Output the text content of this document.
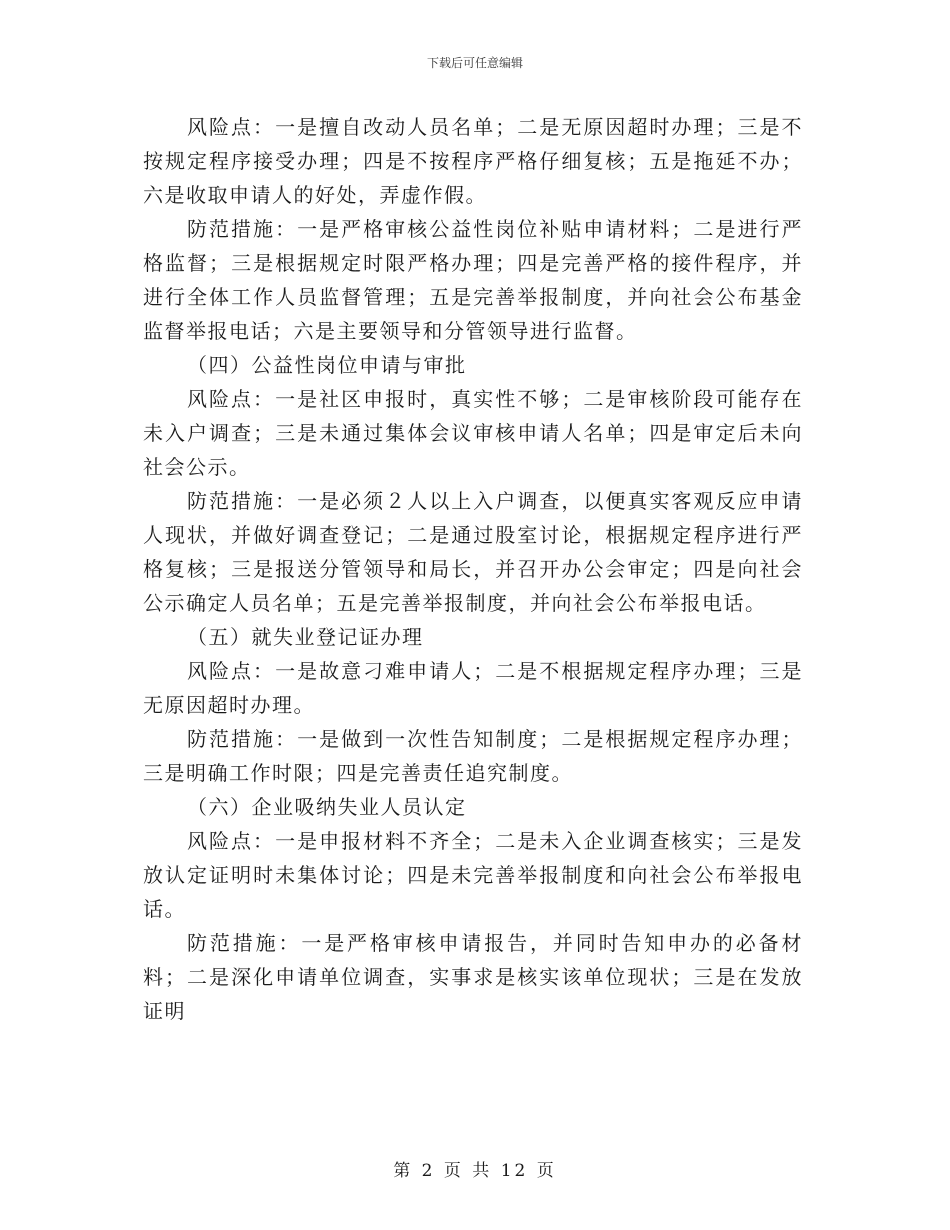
下载后可任意编辑

风险点：一是擅自改动人员名单；二是无原因超时办理；三是不按规定程序接受办理；四是不按程序严格仔细复核；五是拖延不办；六是收取申请人的好处，弄虚作假。

防范措施：一是严格审核公益性岗位补贴申请材料；二是进行严格监督；三是根据规定时限严格办理；四是完善严格的接件程序，并进行全体工作人员监督管理；五是完善举报制度，并向社会公布基金监督举报电话；六是主要领导和分管领导进行监督。

（四）公益性岗位申请与审批

风险点：一是社区申报时，真实性不够；二是审核阶段可能存在未入户调查；三是未通过集体会议审核申请人名单；四是审定后未向社会公示。

防范措施：一是必须２人以上入户调查，以便真实客观反应申请人现状，并做好调查登记；二是通过股室讨论，根据规定程序进行严格复核；三是报送分管领导和局长，并召开办公会审定；四是向社会公示确定人员名单；五是完善举报制度，并向社会公布举报电话。

（五）就失业登记证办理

风险点：一是故意刁难申请人；二是不根据规定程序办理；三是无原因超时办理。

防范措施：一是做到一次性告知制度；二是根据规定程序办理；三是明确工作时限；四是完善责任追究制度。

（六）企业吸纳失业人员认定

风险点：一是申报材料不齐全；二是未入企业调查核实；三是发放认定证明时未集体讨论；四是未完善举报制度和向社会公布举报电话。

防范措施：一是严格审核申请报告，并同时告知申办的必备材料；二是深化申请单位调查，实事求是核实该单位现状；三是在发放证明

第 2 页 共 12 页
